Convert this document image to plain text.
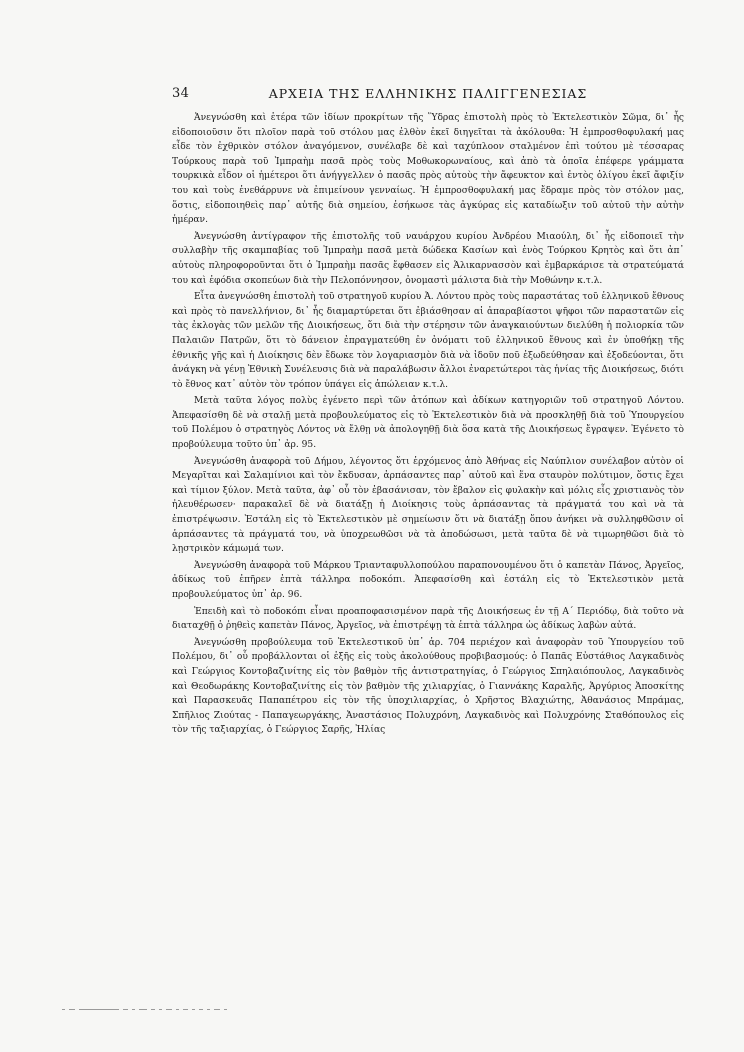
34	ΑΡΧΕΙΑ ΤΗΣ ΕΛΛΗΝΙΚΗΣ ΠΑΛΙΓΓΕΝΕΣΙΑΣ

Ἀνεγνώσθη καὶ ἑτέρα τῶν ἰδίων προκρίτων τῆς Ὕδρας ἐπιστολὴ πρὸς τὸ Ἐκτελεστικὸν Σῶμα, δι᾽ ἧς εἰδοποιοῦσιν ὅτι πλοῖον παρὰ τοῦ στόλου μας ἐλθὸν ἐκεῖ διηγεῖται τὰ ἀκόλουθα: Ἡ ἐμπροσθοφυλακή μας εἶδε τὸν ἐχθρικὸν στόλον ἀναγόμενον, συνέλαβε δὲ καὶ ταχύπλοον σταλμένον ἐπὶ τούτου μὲ τέσσαρας Τούρκους παρὰ τοῦ Ἰμπραὴμ πασᾶ πρὸς τοὺς Μοθωκορωναίους, καὶ ἀπὸ τὰ ὁποῖα ἐπέφερε γράμματα τουρκικὰ εἶδον οἱ ἡμέτεροι ὅτι ἀνήγγελλεν ὁ πασᾶς πρὸς αὐτοὺς τὴν ἄφευκτον καὶ ἐντὸς ὀλίγου ἐκεῖ ἄφιξίν του καὶ τοὺς ἐνεθάρρυνε νὰ ἐπιμείνουν γενναίως. Ἡ ἐμπροσθοφυλακή μας ἔδραμε πρὸς τὸν στόλον μας, ὅστις, εἰδοποιηθεὶς παρ᾽ αὐτῆς διὰ σημείου, ἐσήκωσε τὰς ἀγκύρας εἰς καταδίωξιν τοῦ αὐτοῦ τὴν αὐτὴν ἡμέραν.

Ἀνεγνώσθη ἀντίγραφον τῆς ἐπιστολῆς τοῦ ναυάρχου κυρίου Ἀνδρέου Μιαούλη, δι᾽ ἧς εἰδοποιεῖ τὴν συλλαβὴν τῆς σκαμπαβίας τοῦ Ἰμπραὴμ πασᾶ μετὰ δώδεκα Κασίων καὶ ἑνὸς Τούρκου Κρητὸς καὶ ὅτι ἀπ᾽ αὐτοὺς πληροφοροῦνται ὅτι ὁ Ἰμπραὴμ πασᾶς ἔφθασεν εἰς Ἁλικαρνασσὸν καὶ ἐμβαρκάρισε τὰ στρατεύματά του καὶ ἐφόδια σκοπεύων διὰ τὴν Πελοπόννησον, ὀνομαστὶ μάλιστα διὰ τὴν Μοθώνην κ.τ.λ.

Εἶτα ἀνεγνώσθη ἐπιστολὴ τοῦ στρατηγοῦ κυρίου Ἀ. Λόντου πρὸς τοὺς παραστάτας τοῦ ἑλληνικοῦ ἔθνους καὶ πρὸς τὸ πανελλήνιον, δι᾽ ἧς διαμαρτύρεται ὅτι ἐβιάσθησαν αἱ ἀπαραβίαστοι ψῆφοι τῶν παραστατῶν εἰς τὰς ἐκλογὰς τῶν μελῶν τῆς Διοικήσεως, ὅτι διὰ τὴν στέρησιν τῶν ἀναγκαιούντων διελύθη ἡ πολιορκία τῶν Παλαιῶν Πατρῶν, ὅτι τὸ δάνειον ἐπραγματεύθη ἐν ὀνόματι τοῦ ἑλληνικοῦ ἔθνους καὶ ἐν ὑποθήκῃ τῆς ἐθνικῆς γῆς καὶ ἡ Διοίκησις δὲν ἔδωκε τὸν λογαριασμὸν διὰ νὰ ἰδοῦν ποῦ ἐξωδεύθησαν καὶ ἐξοδεύονται, ὅτι ἀνάγκη νὰ γένῃ Ἐθνικὴ Συνέλευσις διὰ νὰ παραλάβωσιν ἄλλοι ἐναρετώτεροι τὰς ἡνίας τῆς Διοικήσεως, διότι τὸ ἔθνος κατ᾽ αὐτὸν τὸν τρόπον ὑπάγει εἰς ἀπώλειαν κ.τ.λ.

Μετὰ ταῦτα λόγος πολὺς ἐγένετο περὶ τῶν ἀτόπων καὶ ἀδίκων κατηγοριῶν τοῦ στρατηγοῦ Λόντου. Ἀπεφασίσθη δὲ νὰ σταλῇ μετὰ προβουλεύματος εἰς τὸ Ἐκτελεστικὸν διὰ νὰ προσκληθῇ διὰ τοῦ Ὑπουργείου τοῦ Πολέμου ὁ στρατηγὸς Λόντος νὰ ἔλθῃ νὰ ἀπολογηθῇ διὰ ὅσα κατὰ τῆς Διοικήσεως ἔγραψεν. Ἐγένετο τὸ προβούλευμα τοῦτο ὑπ᾽ ἀρ. 95.

Ἀνεγνώσθη ἀναφορὰ τοῦ Δήμου, λέγοντος ὅτι ἐρχόμενος ἀπὸ Ἀθήνας εἰς Ναύπλιον συνέλαβον αὐτὸν οἱ Μεγαρῖται καὶ Σαλαμίνιοι καὶ τὸν ἔκδυσαν, ἁρπάσαντες παρ᾽ αὐτοῦ καὶ ἕνα σταυρὸν πολύτιμον, ὅστις ἔχει καὶ τίμιον ξύλον. Μετὰ ταῦτα, ἀφ᾽ οὗ τὸν ἐβασάνισαν, τὸν ἔβαλον εἰς φυλακὴν καὶ μόλις εἷς χριστιανὸς τὸν ἠλευθέρωσεν· παρακαλεῖ δὲ νὰ διατάξῃ ἡ Διοίκησις τοὺς ἁρπάσαντας τὰ πράγματά του καὶ νὰ τὰ ἐπιστρέψωσιν. Ἐστάλη εἰς τὸ Ἐκτελεστικὸν μὲ σημείωσιν ὅτι νὰ διατάξῃ ὅπου ἀνήκει νὰ συλληφθῶσιν οἱ ἁρπάσαντες τὰ πράγματά του, νὰ ὑποχρεωθῶσι νὰ τὰ ἀποδώσωσι, μετὰ ταῦτα δὲ νὰ τιμωρηθῶσι διὰ τὸ λῃστρικὸν κάμωμά των.

Ἀνεγνώσθη ἀναφορὰ τοῦ Μάρκου Τριανταφυλλοπούλου παραπονουμένου ὅτι ὁ καπετὰν Πάνος, Ἀργεῖος, ἀδίκως τοῦ ἐπῆρεν ἑπτὰ τάλληρα ποδοκόπι. Ἀπεφασίσθη καὶ ἐστάλη εἰς τὸ Ἐκτελεστικὸν μετὰ προβουλεύματος ὑπ᾽ ἀρ. 96.

Ἐπειδὴ καὶ τὸ ποδοκόπι εἶναι προαποφασισμένον παρὰ τῆς Διοικήσεως ἐν τῇ Α΄ Περιόδῳ, διὰ τοῦτο νὰ διαταχθῇ ὁ ῥηθεὶς καπετὰν Πάνος, Ἀργεῖος, νὰ ἐπιστρέψῃ τὰ ἑπτὰ τάλληρα ὡς ἀδίκως λαβὼν αὐτά.

Ἀνεγνώσθη προβούλευμα τοῦ Ἐκτελεστικοῦ ὑπ᾽ ἀρ. 704 περιέχον καὶ ἀναφορὰν τοῦ Ὑπουργείου τοῦ Πολέμου, δι᾽ οὗ προβάλλονται οἱ ἑξῆς εἰς τοὺς ἀκολούθους προβιβασμούς: ὁ Παπᾶς Εὐστάθιος Λαγκαδινὸς καὶ Γεώργιος Κοντοβαζινίτης εἰς τὸν βαθμὸν τῆς ἀντιστρατηγίας, ὁ Γεώργιος Σπηλαιόπουλος, Λαγκαδινὸς καὶ Θεοδωράκης Κοντοβαζινίτης εἰς τὸν βαθμὸν τῆς χιλιαρχίας, ὁ Γιαννάκης Καραλῆς, Ἀργύριος Ἀποσκίτης καὶ Παρασκευᾶς Παπαπέτρου εἰς τὸν τῆς ὑποχιλιαρχίας, ὁ Χρῆστος Βλαχιώτης, Ἀθανάσιος Μπράμας, Σπῆλιος Ζιούτας - Παπαγεωργάκης, Ἀναστάσιος Πολυχρόνη, Λαγκαδινὸς καὶ Πολυχρόνης Σταθόπουλος εἰς τὸν τῆς ταξιαρχίας, ὁ Γεώργιος Σαρῆς, Ἠλίας
